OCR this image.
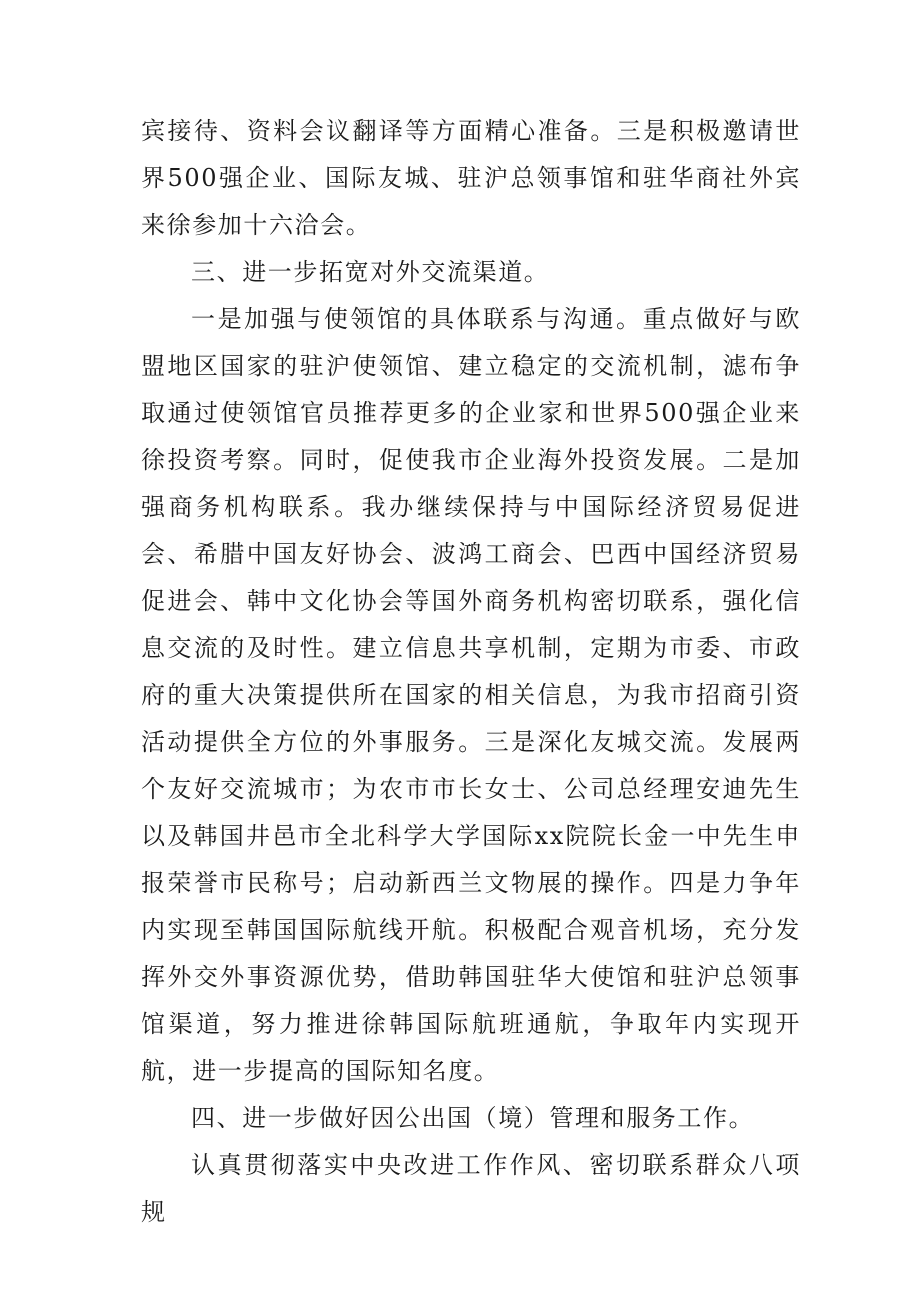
宾接待、资料会议翻译等方面精心准备。三是积极邀请世界500强企业、国际友城、驻沪总领事馆和驻华商社外宾来徐参加十六洽会。

三、进一步拓宽对外交流渠道。

一是加强与使领馆的具体联系与沟通。重点做好与欧盟地区国家的驻沪使领馆、建立稳定的交流机制，滤布争取通过使领馆官员推荐更多的企业家和世界500强企业来徐投资考察。同时，促使我市企业海外投资发展。二是加强商务机构联系。我办继续保持与中国际经济贸易促进会、希腊中国友好协会、波鸿工商会、巴西中国经济贸易促进会、韩中文化协会等国外商务机构密切联系，强化信息交流的及时性。建立信息共享机制，定期为市委、市政府的重大决策提供所在国家的相关信息，为我市招商引资活动提供全方位的外事服务。三是深化友城交流。发展两个友好交流城市；为农市市长女士、公司总经理安迪先生以及韩国井邑市全北科学大学国际xx院院长金一中先生申报荣誉市民称号；启动新西兰文物展的操作。四是力争年内实现至韩国国际航线开航。积极配合观音机场，充分发挥外交外事资源优势，借助韩国驻华大使馆和驻沪总领事馆渠道，努力推进徐韩国际航班通航，争取年内实现开航，进一步提高的国际知名度。

四、进一步做好因公出国（境）管理和服务工作。

认真贯彻落实中央改进工作作风、密切联系群众八项规
